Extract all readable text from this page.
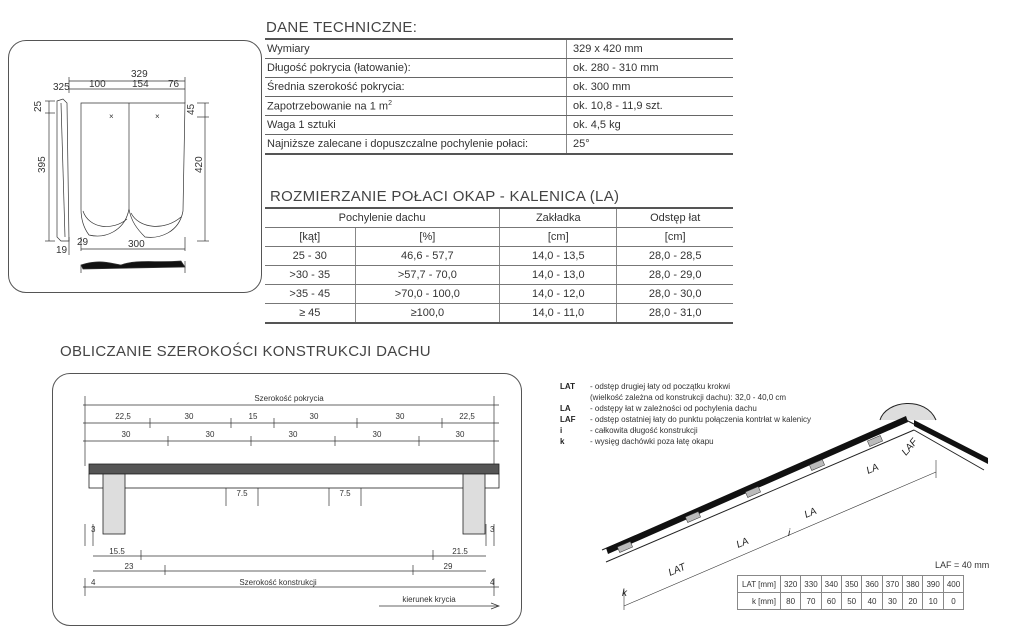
329
325 100	154 76
25
395
45
420
19
29	300
×	×
DANE TECHNICZNE:
Wymiary	329 x 420 mm
Długość pokrycia (łatowanie):	ok. 280 - 310 mm
Średnia szerokość pokrycia:	ok. 300 mm
Zapotrzebowanie na 1 $m^2$	ok. 10,8 - 11,9 szt.
Waga 1 sztuki	ok. 4,5 kg
Najniższe zalecane i dopuszczalne pochylenie połaci:	25°
ROZMIERZANIE POŁACI OKAP - KALENICA (LA)
Pochylenie dachu		Zakładka	Odstęp łat
[kąt]	[%]	[cm]	[cm]
25 - 30	46,6 - 57,7	14,0 - 13,5	28,0 - 28,5
>30 - 35	>57,7 - 70,0	14,0 - 13,0	28,0 - 29,0
>35 - 45	>70,0 - 100,0	14,0 - 12,0	28,0 - 30,0
≥ 45	≥100,0	14,0 - 11,0	28,0 - 31,0
OBLICZANIE SZEROKOŚCI KONSTRUKCJI DACHU
Szerokość pokrycia
22,5	30	15	30	30	22,5
30	30	30	30	30
7.5	7.5
3	3
15.5	21.5
23	29
4	4
Szerokość konstrukcji
kierunek krycia
LAT - odstęp drugiej łaty od początku krokwi
(wielkość zależna od konstrukcji dachu): 32,0 - 40,0 cm
LA - odstępy łat w zależności od pochylenia dachu
LAF - odstęp ostatniej łaty do punktu połączenia kontrłat w kalenicy
i	- całkowita długość konstrukcji
k	- wysięg dachówki poza łatę okapu
LAT
LA
LA
LA
LAF
i
k
LAF = 40 mm
LAT [mm]	320	330	340	350	360	370	380	390	400
k [mm]	80	70	60	50	40	30	20	10	0
